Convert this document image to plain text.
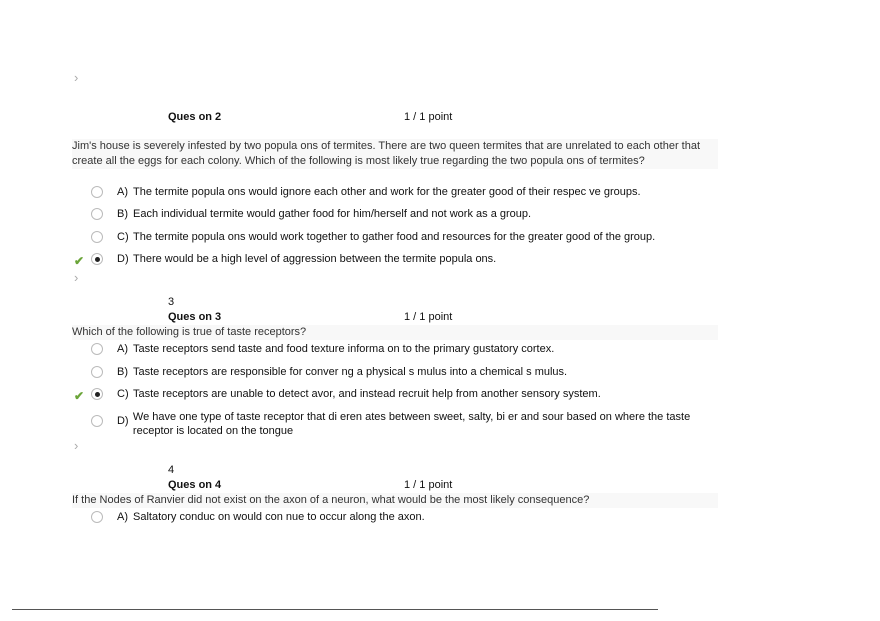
›
Ques on 2	1 / 1 point
Jim's house is severely infested by two popula ons of termites. There are two queen termites that are unrelated to each other that create all the eggs for each colony. Which of the following is most likely true regarding the two popula ons of termites?
A) The termite popula ons would ignore each other and work for the greater good of their respec ve groups.
B) Each individual termite would gather food for him/herself and not work as a group.
C) The termite popula ons would work together to gather food and resources for the greater good of the group.
✔	D) There would be a high level of aggression between the termite popula ons.
›
3
Ques on 3	1 / 1 point
Which of the following is true of taste receptors?
A) Taste receptors send taste and food texture informa on to the primary gustatory cortex.
B) Taste receptors are responsible for conver ng a physical s mulus into a chemical s mulus.
✔	C) Taste receptors are unable to detect avor, and instead recruit help from another sensory system.
D) We have one type of taste receptor that di eren ates between sweet, salty, bi er and sour based on where the taste receptor is located on the tongue
›
4
Ques on 4	1 / 1 point
If the Nodes of Ranvier did not exist on the axon of a neuron, what would be the most likely consequence?
A) Saltatory conduc on would con nue to occur along the axon.
